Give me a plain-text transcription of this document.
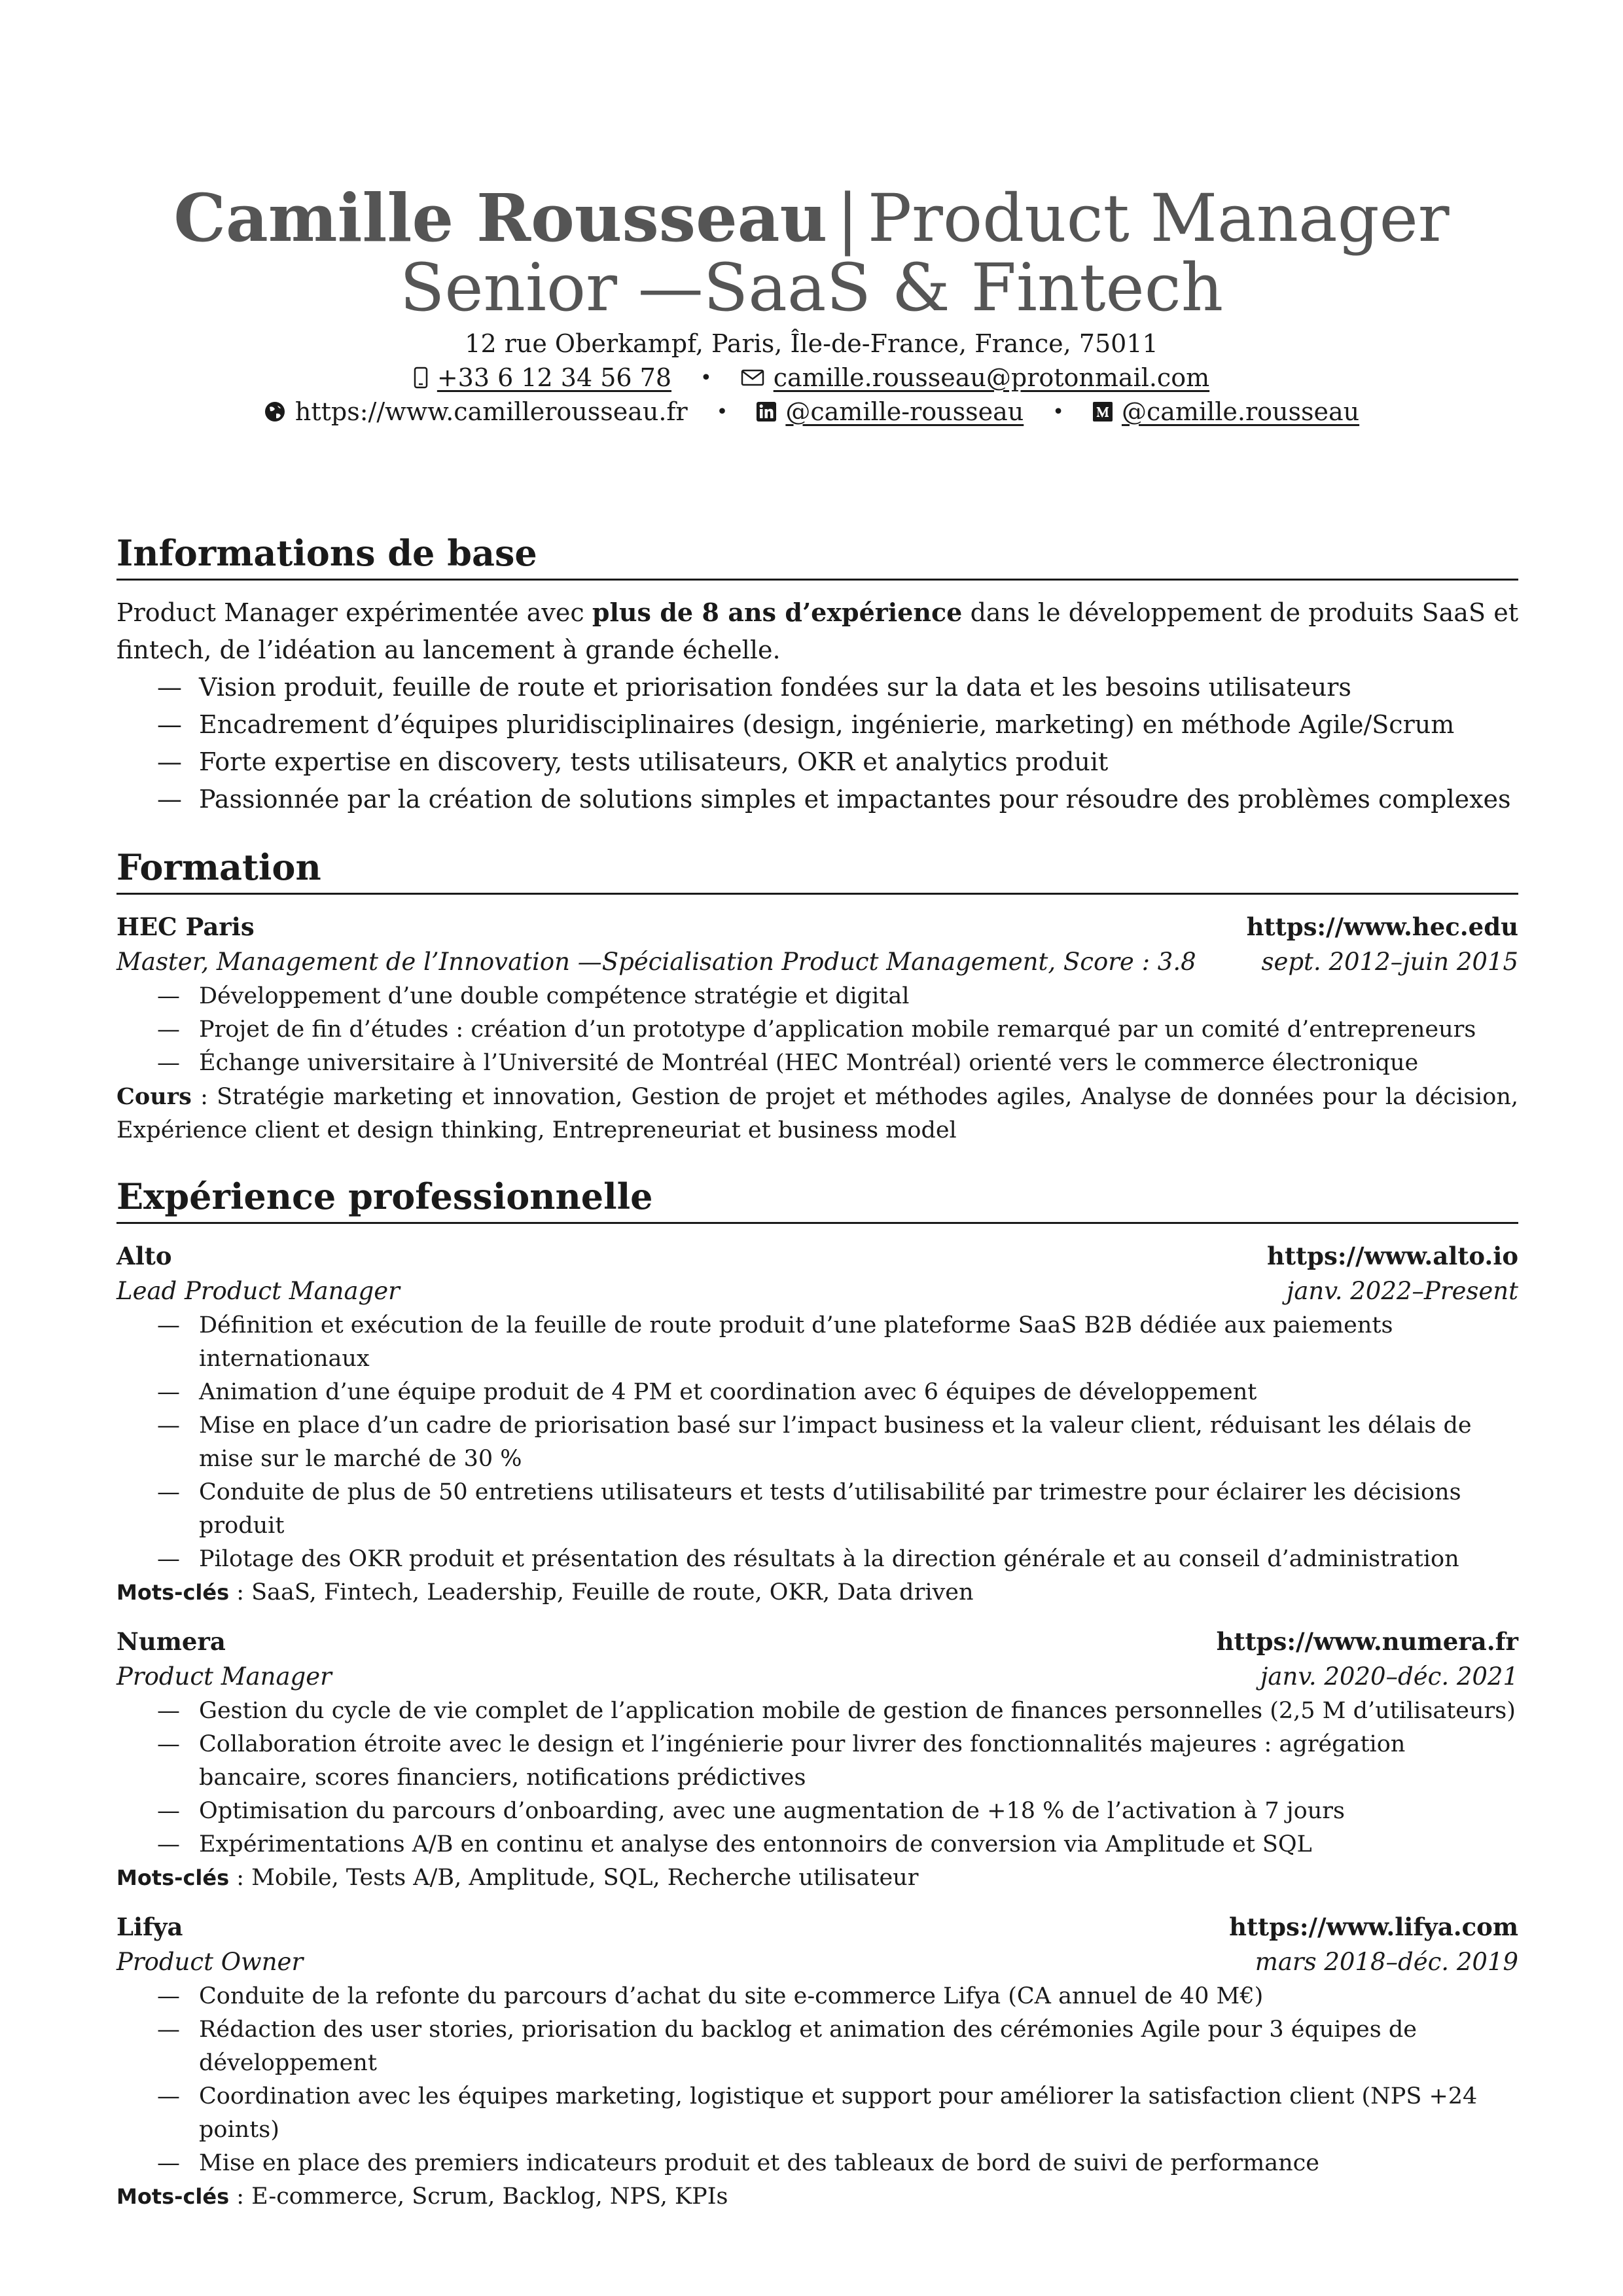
Camille Rousseau | Product Manager
Senior —SaaS & Fintech
12 rue Oberkampf, Paris, Île-de-France, France, 75011
+33 6 12 34 56 78 • camille.rousseau@protonmail.com
https://www.camillerousseau.fr • @camille-rousseau • @camille.rousseau
Informations de base

Product Manager expérimentée avec plus de 8 ans d’expérience dans le développement de produits SaaS et fintech, de l’idéation au lancement à grande échelle.

— Vision produit, feuille de route et priorisation fondées sur la data et les besoins utilisateurs
— Encadrement d’équipes pluridisciplinaires (design, ingénierie, marketing) en méthode Agile/Scrum
— Forte expertise en discovery, tests utilisateurs, OKR et analytics produit
— Passionnée par la création de solutions simples et impactantes pour résoudre des problèmes complexes
Formation
HEC Paris	https://www.hec.edu
Master, Management de l’Innovation —Spécialisation Product Management, Score : 3.8	sept. 2012–juin 2015
— Développement d’une double compétence stratégie et digital
— Projet de fin d’études : création d’un prototype d’application mobile remarqué par un comité d’entrepreneurs
— Échange universitaire à l’Université de Montréal (HEC Montréal) orienté vers le commerce électronique
Cours : Stratégie marketing et innovation, Gestion de projet et méthodes agiles, Analyse de données pour la décision, Expérience client et design thinking, Entrepreneuriat et business model
Expérience professionnelle
Alto	https://www.alto.io
Lead Product Manager	janv. 2022–Present
— Définition et exécution de la feuille de route produit d’une plateforme SaaS B2B dédiée aux paiements internationaux
— Animation d’une équipe produit de 4 PM et coordination avec 6 équipes de développement
— Mise en place d’un cadre de priorisation basé sur l’impact business et la valeur client, réduisant les délais de mise sur le marché de 30 %
— Conduite de plus de 50 entretiens utilisateurs et tests d’utilisabilité par trimestre pour éclairer les décisions produit
— Pilotage des OKR produit et présentation des résultats à la direction générale et au conseil d’administration
Mots-clés : SaaS, Fintech, Leadership, Feuille de route, OKR, Data driven
Numera	https://www.numera.fr
Product Manager	janv. 2020–déc. 2021
— Gestion du cycle de vie complet de l’application mobile de gestion de finances personnelles (2,5 M d’utilisateurs)
— Collaboration étroite avec le design et l’ingénierie pour livrer des fonctionnalités majeures : agrégation bancaire, scores financiers, notifications prédictives
— Optimisation du parcours d’onboarding, avec une augmentation de +18 % de l’activation à 7 jours
— Expérimentations A/B en continu et analyse des entonnoirs de conversion via Amplitude et SQL
Mots-clés : Mobile, Tests A/B, Amplitude, SQL, Recherche utilisateur
Lifya	https://www.lifya.com
Product Owner	mars 2018–déc. 2019
— Conduite de la refonte du parcours d’achat du site e-commerce Lifya (CA annuel de 40 M€)
— Rédaction des user stories, priorisation du backlog et animation des cérémonies Agile pour 3 équipes de développement
— Coordination avec les équipes marketing, logistique et support pour améliorer la satisfaction client (NPS +24 points)
— Mise en place des premiers indicateurs produit et des tableaux de bord de suivi de performance
Mots-clés : E-commerce, Scrum, Backlog, NPS, KPIs
